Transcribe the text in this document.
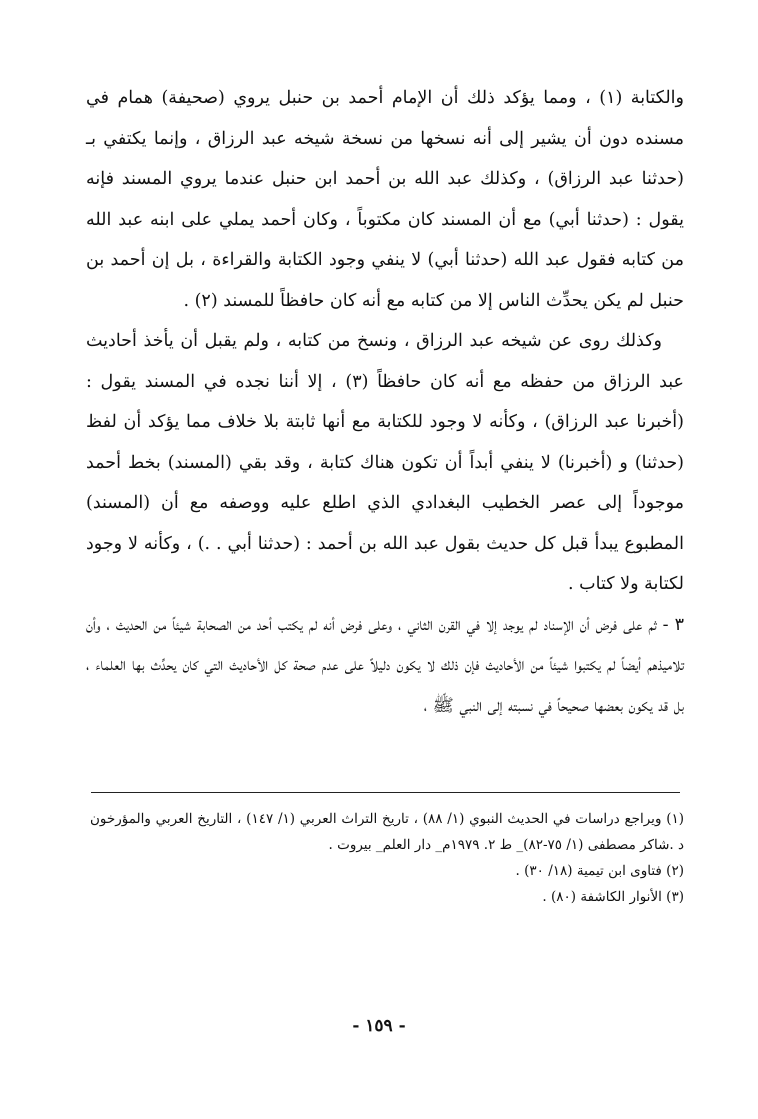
والكتابة (١) ، ومما يؤكد ذلك أن الإمام أحمد بن حنبل يروي (صحيفة) همام في مسنده دون أن يشير إلى أنه نسخها من نسخة شيخه عبد الرزاق ، وإنما يكتفي بـ (حدثنا عبد الرزاق) ، وكذلك عبد الله بن أحمد ابن حنبل عندما يروي المسند فإنه يقول : (حدثنا أبي) مع أن المسند كان مكتوباً ، وكان أحمد يملي على ابنه عبد الله من كتابه فقول عبد الله (حدثنا أبي) لا ينفي وجود الكتابة والقراءة ، بل إن أحمد بن حنبل لم يكن يحدِّث الناس إلا من كتابه مع أنه كان حافظاً للمسند (٢) .

وكذلك روى عن شيخه عبد الرزاق ، ونسخ من كتابه ، ولم يقبل أن يأخذ أحاديث عبد الرزاق من حفظه مع أنه كان حافظاً (٣) ، إلا أننا نجده في المسند يقول : (أخبرنا عبد الرزاق) ، وكأنه لا وجود للكتابة مع أنها ثابتة بلا خلاف مما يؤكد أن لفظ (حدثنا) و (أخبرنا) لا ينفي أبداً أن تكون هناك كتابة ، وقد بقي (المسند) بخط أحمد موجوداً إلى عصر الخطيب البغدادي الذي اطلع عليه ووصفه مع أن (المسند) المطبوع يبدأ قبل كل حديث بقول عبد الله بن أحمد : (حدثنا أبي . .) ، وكأنه لا وجود لكتابة ولا كتاب .

٣ - ثم على فرض أن الإسناد لم يوجد إلا في القرن الثاني ، وعلى فرض أنه لم يكتب أحد من الصحابة شيئاً من الحديث ، وأن تلاميذهم أيضاً لم يكتبوا شيئاً من الأحاديث فإن ذلك لا يكون دليلاً على عدم صحة كل الأحاديث التي كان يحدِّث بها العلماء ، بل قد يكون بعضها صحيحاً في نسبته إلى النبي ﷺ ،

(١) ويراجع دراسات في الحديث النبوي (١/ ٨٨) ، تاريخ التراث العربي (١/ ١٤٧) ، التاريخ العربي والمؤرخون د .شاكر مصطفى (١/ ٧٥-٨٢)_ ط ٢. ١٩٧٩م_ دار العلم_ بيروت .

(٢) فتاوى ابن تيمية (١٨/ ٣٠) .

(٣) الأنوار الكاشفة (٨٠) .

- ١٥٩ -
